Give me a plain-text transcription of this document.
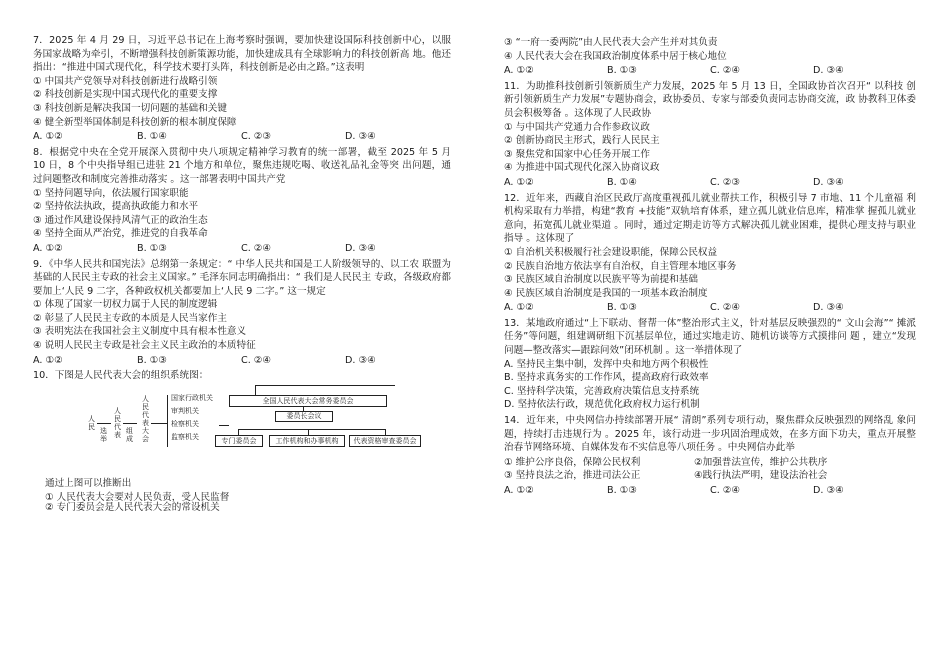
7．2025 年 4 月 29 日，习近平总书记在上海考察时强调，要加快建设国际科技创新中心，以服 务国家战略为牵引，不断增强科技创新策源功能，加快建成具有全球影响力的科技创新高 地。他还指出：“推进中国式现代化，科学技术要打头阵，科技创新是必由之路。”这表明
① 中国共产党领导对科技创新进行战略引领
② 科技创新是实现中国式现代化的重要支撑
③ 科技创新是解决我国一切问题的基础和关键
④ 健全新型举国体制是科技创新的根本制度保障
A. ①②	B. ①④	C. ②③	D. ③④
8．根据党中央在全党开展深入贯彻中央八项规定精神学习教育的统一部署，截至 2025 年 5 月 10 日，8 个中央指导组已进驻 21 个地方和单位，聚焦违规吃喝、收送礼品礼金等突 出问题，通过问题整改和制度完善推动落实 。这一部署表明中国共产党
① 坚持问题导向，依法履行国家职能
② 坚持依法执政，提高执政能力和水平
③ 通过作风建设保持风清气正的政治生态
④ 坚持全面从严治党，推进党的自我革命
A. ①②	B. ①③	C. ②④	D. ③④
9．《中华人民共和国宪法》总纲第一条规定：“ 中华人民共和国是工人阶级领导的、以工农 联盟为基础的人民民主专政的社会主义国家。” 毛泽东同志明确指出：“ 我们是人民民主 专政，各级政府都要加上‘人民 9 二字，各种政权机关都要加上‘人民 9 二字。” 这一规定
① 体现了国家一切权力属于人民的制度逻辑
② 彰显了人民民主专政的本质是人民当家作主
③ 表明宪法在我国社会主义制度中具有根本性意义
④ 说明人民民主专政是社会主义民主政治的本质特征
A. ①②	B. ①③	C. ②④	D. ③④
10．下图是人民代表大会的组织系统图：
人民 选举
人民代表 组成
人民代表大会
国家行政机关
审判机关
检察机关
监察机关
全国人民代表大会常务委员会
委员长会议
专门委员会	工作机构和办事机构	代表资格审查委员会
通过上图可以推断出
① 人民代表大会要对人民负责，受人民监督
② 专门委员会是人民代表大会的常设机关
③ “一府一委两院”由人民代表大会产生并对其负责
④ 人民代表大会在我国政治制度体系中居于核心地位
A. ①②	B. ①③	C. ②④	D. ③④
11．为助推科技创新引领新质生产力发展，2025 年 5 月 13 日，全国政协首次召开“ 以科技 创新引领新质生产力发展”专题协商会，政协委员、专家与部委负责同志协商交流，政 协教科卫体委员会积极筹备 。这体现了人民政协
① 与中国共产党通力合作参政议政
② 创新协商民主形式，践行人民民主
③ 聚焦党和国家中心任务开展工作
④ 为推进中国式现代化深入协商议政
A. ①②	B. ①④	C. ②③	D. ③④
12．近年来，西藏自治区民政厅高度重视孤儿就业帮扶工作，积极引导 7 市地、11 个儿童福 利机构采取有力举措，构建“教育 +技能”双轨培育体系，建立孤儿就业信息库，精准掌 握孤儿就业意向，拓宽孤儿就业渠道 。同时，通过定期走访等方式解决孤儿就业困难，提供心理支持与职业指导 。这体现了
① 自治机关积极履行社会建设职能，保障公民权益
② 民族自治地方依法享有自治权，自主管理本地区事务
③ 民族区域自治制度以民族平等为前提和基础
④ 民族区域自治制度是我国的一项基本政治制度
A. ①②	B. ①③	C. ②④	D. ③④
13．某地政府通过“上下联动、督帮一体”整治形式主义，针对基层反映强烈的“ 文山会海”“ 摊派任务”等问题，组建调研组下沉基层单位，通过实地走访、随机访谈等方式摸排问 题 ，建立“发现问题—整改落实—跟踪问效”闭环机制 。这一举措体现了
A. 坚持民主集中制，发挥中央和地方两个积极性
B. 坚持求真务实的工作作风，提高政府行政效率
C. 坚持科学决策，完善政府决策信息支持系统
D. 坚持依法行政，规范优化政府权力运行机制
14．近年来，中央网信办持续部署开展“ 清朗”系列专项行动，聚焦群众反映强烈的网络乱 象问题，持续打击违规行为 。2025 年，该行动进一步巩固治理成效，在多方面下功夫，重点开展整治春节网络环境、自媒体发布不实信息等八项任务 。中央网信办此举
① 维护公序良俗，保障公民权利	②加强普法宣传，维护公共秩序
③ 坚持良法之治，推进司法公正	④践行执法严明，建设法治社会
A. ①②	B. ①③	C. ②④	D. ③④
